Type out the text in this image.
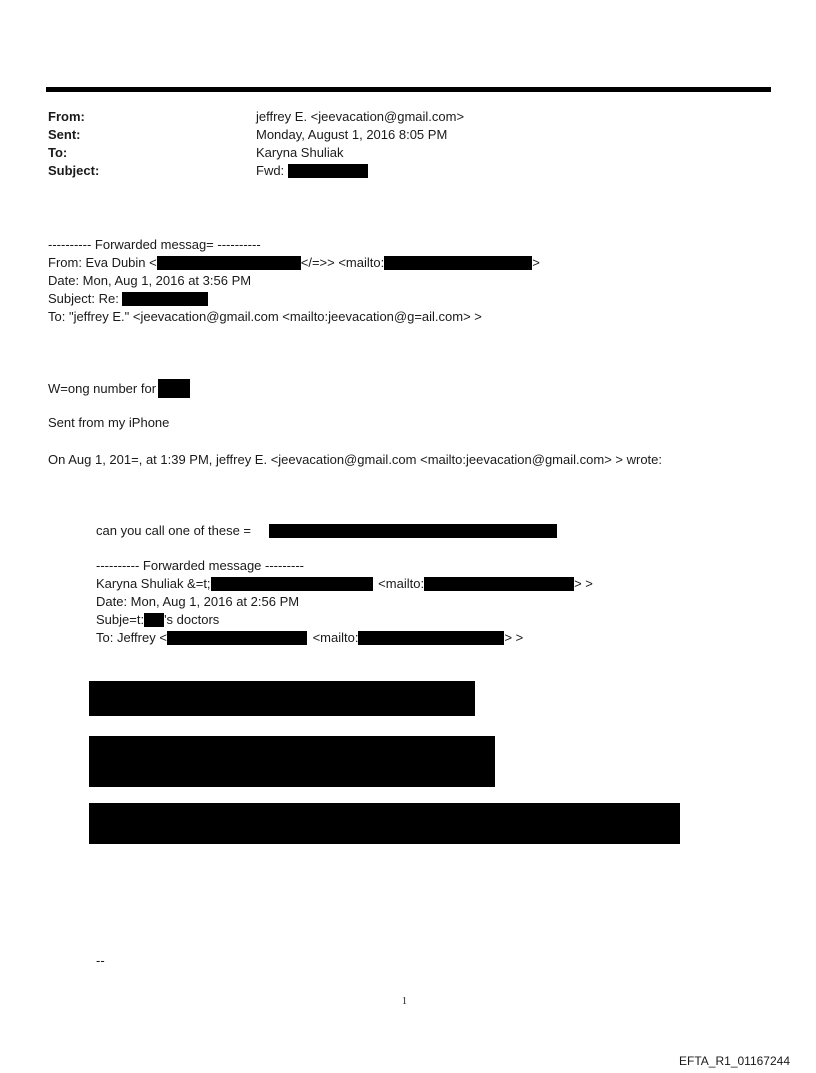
From:	jeffrey E. <jeevacation@gmail.com>
Sent:	Monday, August 1, 2016 8:05 PM
To:	Karyna Shuliak
Subject:	Fwd:
---------- Forwarded messag= ----------
From: Eva Dubin <	</=>> <mailto:	>
Date: Mon, Aug 1, 2016 at 3:56 PM
Subject: Re:
To: "jeffrey E." <jeevacation@gmail.com <mailto:jeevacation@g=ail.com> >
W=ong number for
Sent from my iPhone
On Aug 1, 201=, at 1:39 PM, jeffrey E. <jeevacation@gmail.com <mailto:jeevacation@gmail.com> > wrote:
can you call one of these =
---------- Forwarded message ---------
Karyna Shuliak &=t;	<mailto:	> >
Date: Mon, Aug 1, 2016 at 2:56 PM
Subje=t: 's doctors
To: Jeffrey <	<mailto:	> >
--
1
EFTA_R1_01167244
